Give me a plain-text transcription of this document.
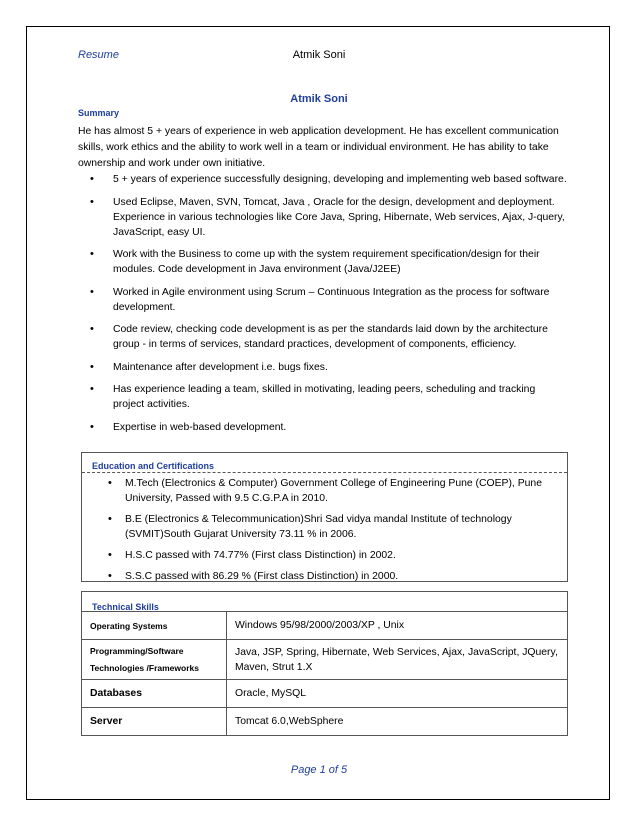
Resume	Atmik Soni
Atmik Soni
Summary
He has almost 5 + years of experience in web application development. He has excellent communication skills, work ethics and the ability to work well in a team or individual environment. He has ability to take ownership and work under own initiative.
• 5 + years of experience successfully designing, developing and implementing web based software.
• Used Eclipse, Maven, SVN, Tomcat, Java , Oracle for the design, development and deployment. Experience in various technologies like Core Java, Spring, Hibernate, Web services, Ajax, J-query, JavaScript, easy UI.
• Work with the Business to come up with the system requirement specification/design for their modules. Code development in Java environment (Java/J2EE)
• Worked in Agile environment using Scrum – Continuous Integration as the process for software development.
• Code review, checking code development is as per the standards laid down by the architecture group - in terms of services, standard practices, development of components, efficiency.
• Maintenance after development i.e. bugs fixes.
• Has experience leading a team, skilled in motivating, leading peers, scheduling and tracking project activities.
• Expertise in web-based development.
Education and Certifications
• M.Tech (Electronics & Computer) Government College of Engineering Pune (COEP), Pune University, Passed with 9.5 C.G.P.A in 2010.
• B.E (Electronics & Telecommunication)Shri Sad vidya mandal Institute of technology (SVMIT)South Gujarat University 73.11 % in 2006.
• H.S.C passed with 74.77% (First class Distinction) in 2002.
• S.S.C passed with 86.29 % (First class Distinction) in 2000.
Technical Skills
Operating Systems	Windows 95/98/2000/2003/XP , Unix

Programming/Software
Technologies /Frameworks	Java, JSP, Spring, Hibernate, Web Services, Ajax, JavaScript, JQuery, Maven, Strut 1.X
Databases	Oracle, MySQL
Server	Tomcat 6.0,WebSphere
Page 1 of 5
